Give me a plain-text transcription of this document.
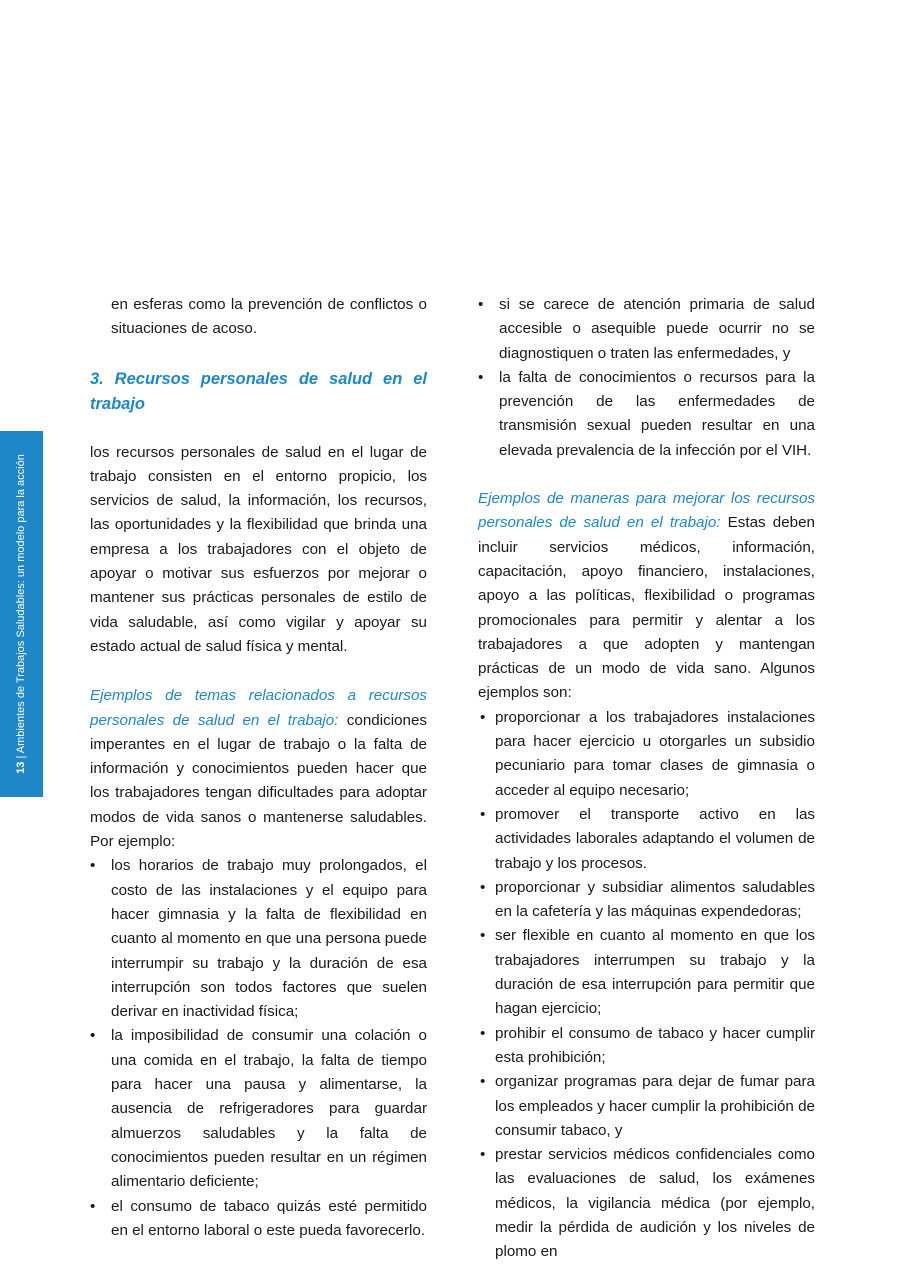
13 | Ambientes de Trabajos Saludables: un modelo para la acción

en esferas como la prevención de conflictos o situaciones de acoso.

3. Recursos personales de salud en el trabajo

los recursos personales de salud en el lugar de trabajo consisten en el entorno propicio, los servicios de salud, la información, los recursos, las oportunidades y la flexibilidad que brinda una empresa a los trabajadores con el objeto de apoyar o motivar sus esfuerzos por mejorar o mantener sus prácticas personales de estilo de vida saludable, así como vigilar y apoyar su estado actual de salud física y mental.

Ejemplos de temas relacionados a recursos personales de salud en el trabajo: condiciones imperantes en el lugar de trabajo o la falta de información y conocimientos pueden hacer que los trabajadores tengan dificultades para adoptar modos de vida sanos o mantenerse saludables. Por ejemplo:

• los horarios de trabajo muy prolongados, el costo de las instalaciones y el equipo para hacer gimnasia y la falta de flexibilidad en cuanto al momento en que una persona puede interrumpir su trabajo y la duración de esa interrupción son todos factores que suelen derivar en inactividad física;
• la imposibilidad de consumir una colación o una comida en el trabajo, la falta de tiempo para hacer una pausa y alimentarse, la ausencia de refrigeradores para guardar almuerzos saludables y la falta de conocimientos pueden resultar en un régimen alimentario deficiente;
• el consumo de tabaco quizás esté permitido en el entorno laboral o este pueda favorecerlo.
• si se carece de atención primaria de salud accesible o asequible puede ocurrir no se diagnostiquen o traten las enfermedades, y
• la falta de conocimientos o recursos para la prevención de las enfermedades de transmisión sexual pueden resultar en una elevada prevalencia de la infección por el VIH.

Ejemplos de maneras para mejorar los recursos personales de salud en el trabajo: Estas deben incluir servicios médicos, información, capacitación, apoyo financiero, instalaciones, apoyo a las políticas, flexibilidad o programas promocionales para permitir y alentar a los trabajadores a que adopten y mantengan prácticas de un modo de vida sano. Algunos ejemplos son:

• proporcionar a los trabajadores instalaciones para hacer ejercicio u otorgarles un subsidio pecuniario para tomar clases de gimnasia o acceder al equipo necesario;
• promover el transporte activo en las actividades laborales adaptando el volumen de trabajo y los procesos.
• proporcionar y subsidiar alimentos saludables en la cafetería y las máquinas expendedoras;
• ser flexible en cuanto al momento en que los trabajadores interrumpen su trabajo y la duración de esa interrupción para permitir que hagan ejercicio;
• prohibir el consumo de tabaco y hacer cumplir esta prohibición;
• organizar programas para dejar de fumar para los empleados y hacer cumplir la prohibición de consumir tabaco, y
• prestar servicios médicos confidenciales como las evaluaciones de salud, los exámenes médicos, la vigilancia médica (por ejemplo, medir la pérdida de audición y los niveles de plomo en
